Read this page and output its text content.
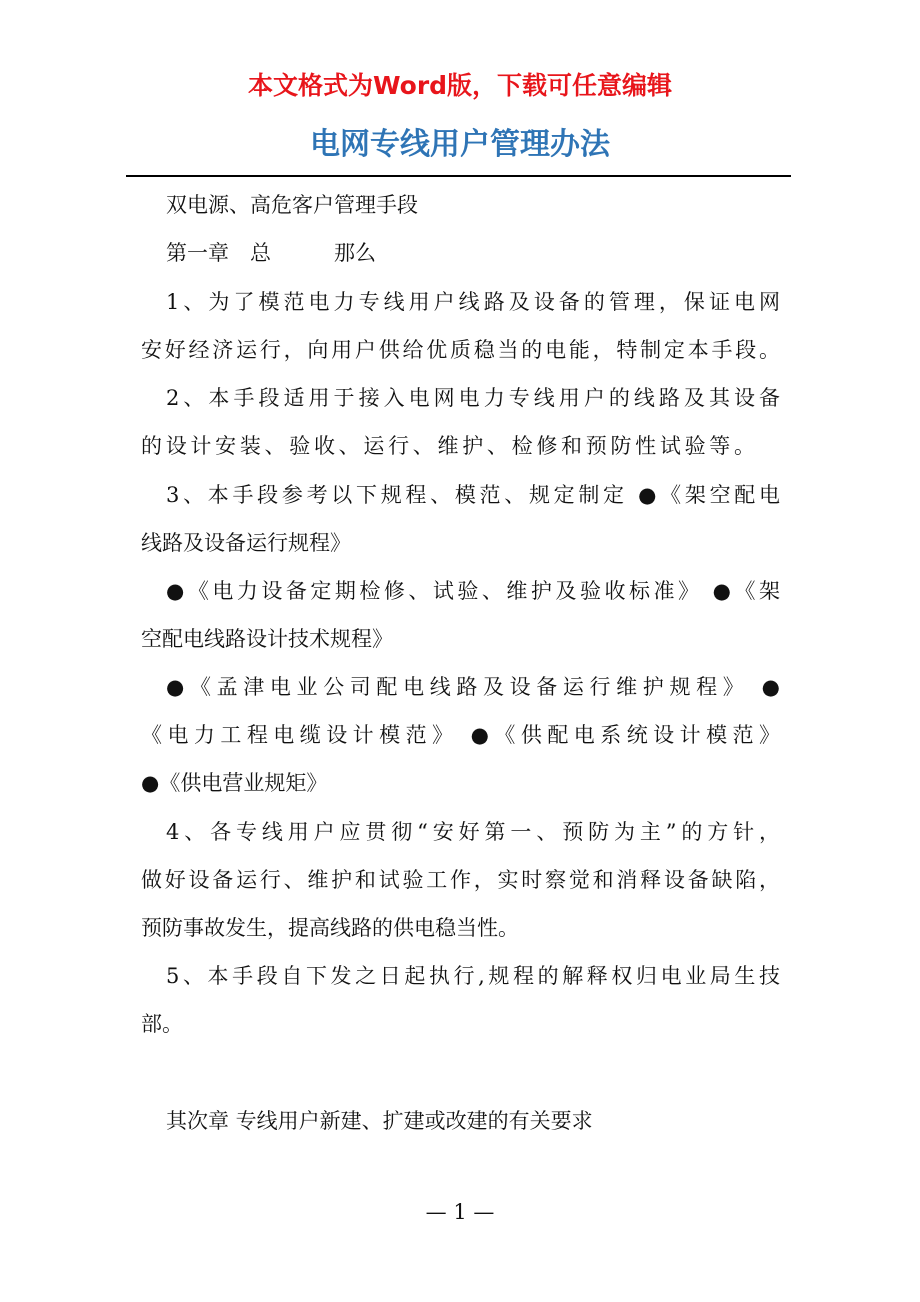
本文格式为Word版，下载可任意编辑
电网专线用户管理办法
双电源、高危客户管理手段
第一章　总　　　那么
1、为了模范电力专线用户线路及设备的管理，保证电网
安好经济运行，向用户供给优质稳当的电能，特制定本手段。
2、本手段适用于接入电网电力专线用户的线路及其设备
的设计安装、验收、运行、维护、检修和预防性试验等。
3、本手段参考以下规程、模范、规定制定 ●《架空配电
线路及设备运行规程》
●《电力设备定期检修、试验、维护及验收标准》 ●《架
空配电线路设计技术规程》
●《孟津电业公司配电线路及设备运行维护规程》 ●
《电力工程电缆设计模范》 ●《供配电系统设计模范》
●《供电营业规矩》
4、各专线用户应贯彻“安好第一、预防为主”的方针，
做好设备运行、维护和试验工作，实时察觉和消释设备缺陷，
预防事故发生，提高线路的供电稳当性。
5、本手段自下发之日起执行,规程的解释权归电业局生技
部。
其次章 专线用户新建、扩建或改建的有关要求
— 1 —
